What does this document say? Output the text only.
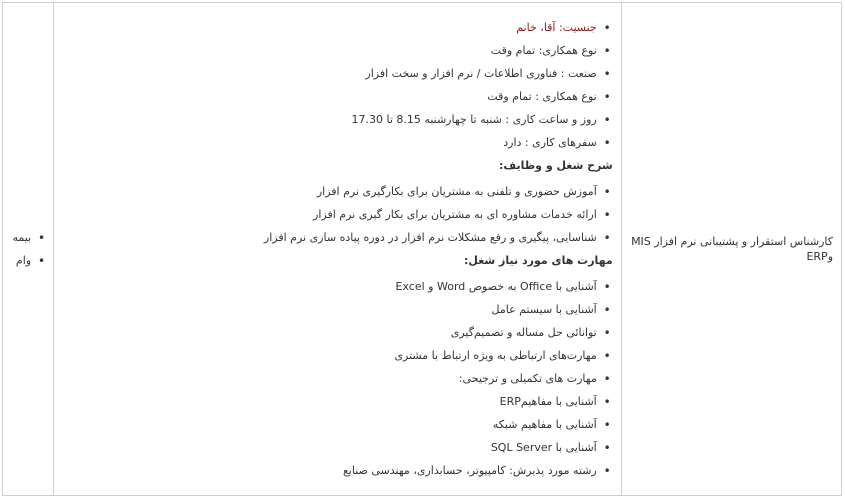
کارشناس استقرار و پشتیبانی نرم افزار MIS وERP

• جنسیت: آقا، خانم
• نوع همکاری: تمام وقت
• صنعت : فناوری اطلاعات / نرم افزار و سخت افزار
• نوع همکاری : تمام وقت
• روز و ساعت کاری : شنبه تا چهارشنبه 8.15 تا 17.30
• سفرهای کاری : دارد
شرح شغل و وظایف:
• آموزش حضوری و تلفنی به مشتریان برای بکارگیری نرم افزار
• ارائه خدمات مشاوره ای به مشتریان برای بکار گیری نرم افزار
• شناسایی، پیگیری و رفع مشکلات نرم افزار در دوره پیاده سازی نرم افزار
مهارت های مورد نیاز شغل:
• آشنایی با Office به خصوص Word و Excel
• آشنایی با سیستم عامل
• توانائی حل مساله و تصمیم‌گیری
• مهارت‌های ارتباطی به ویژه ارتباط با مشتری
• مهارت های تکمیلی و ترجیحی:
• آشنایی با مفاهیمERP
• آشنایی با مفاهیم شبکه
• آشنایی با SQL Server
• رشته مورد پذیرش: کامپیوتر، حسابداری، مهندسی صنایع

• بیمه
• وام
